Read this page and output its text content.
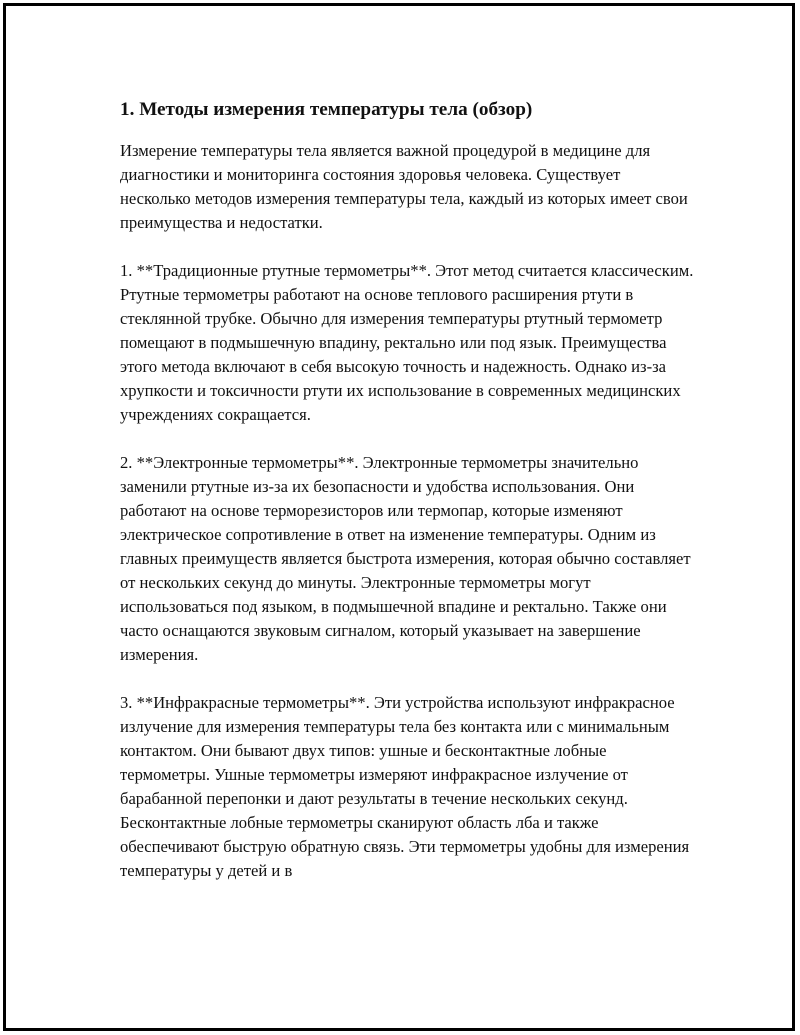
1. Методы измерения температуры тела (обзор)

Измерение температуры тела является важной процедурой в медицине для диагностики и мониторинга состояния здоровья человека. Существует несколько методов измерения температуры тела, каждый из которых имеет свои преимущества и недостатки.

1. **Традиционные ртутные термометры**. Этот метод считается классическим. Ртутные термометры работают на основе теплового расширения ртути в стеклянной трубке. Обычно для измерения температуры ртутный термометр помещают в подмышечную впадину, ректально или под язык. Преимущества этого метода включают в себя высокую точность и надежность. Однако из-за хрупкости и токсичности ртути их использование в современных медицинских учреждениях сокращается.

2. **Электронные термометры**. Электронные термометры значительно заменили ртутные из-за их безопасности и удобства использования. Они работают на основе терморезисторов или термопар, которые изменяют электрическое сопротивление в ответ на изменение температуры. Одним из главных преимуществ является быстрота измерения, которая обычно составляет от нескольких секунд до минуты. Электронные термометры могут использоваться под языком, в подмышечной впадине и ректально. Также они часто оснащаются звуковым сигналом, который указывает на завершение измерения.

3. **Инфракрасные термометры**. Эти устройства используют инфракрасное излучение для измерения температуры тела без контакта или с минимальным контактом. Они бывают двух типов: ушные и бесконтактные лобные термометры. Ушные термометры измеряют инфракрасное излучение от барабанной перепонки и дают результаты в течение нескольких секунд. Бесконтактные лобные термометры сканируют область лба и также обеспечивают быструю обратную связь. Эти термометры удобны для измерения температуры у детей и в
